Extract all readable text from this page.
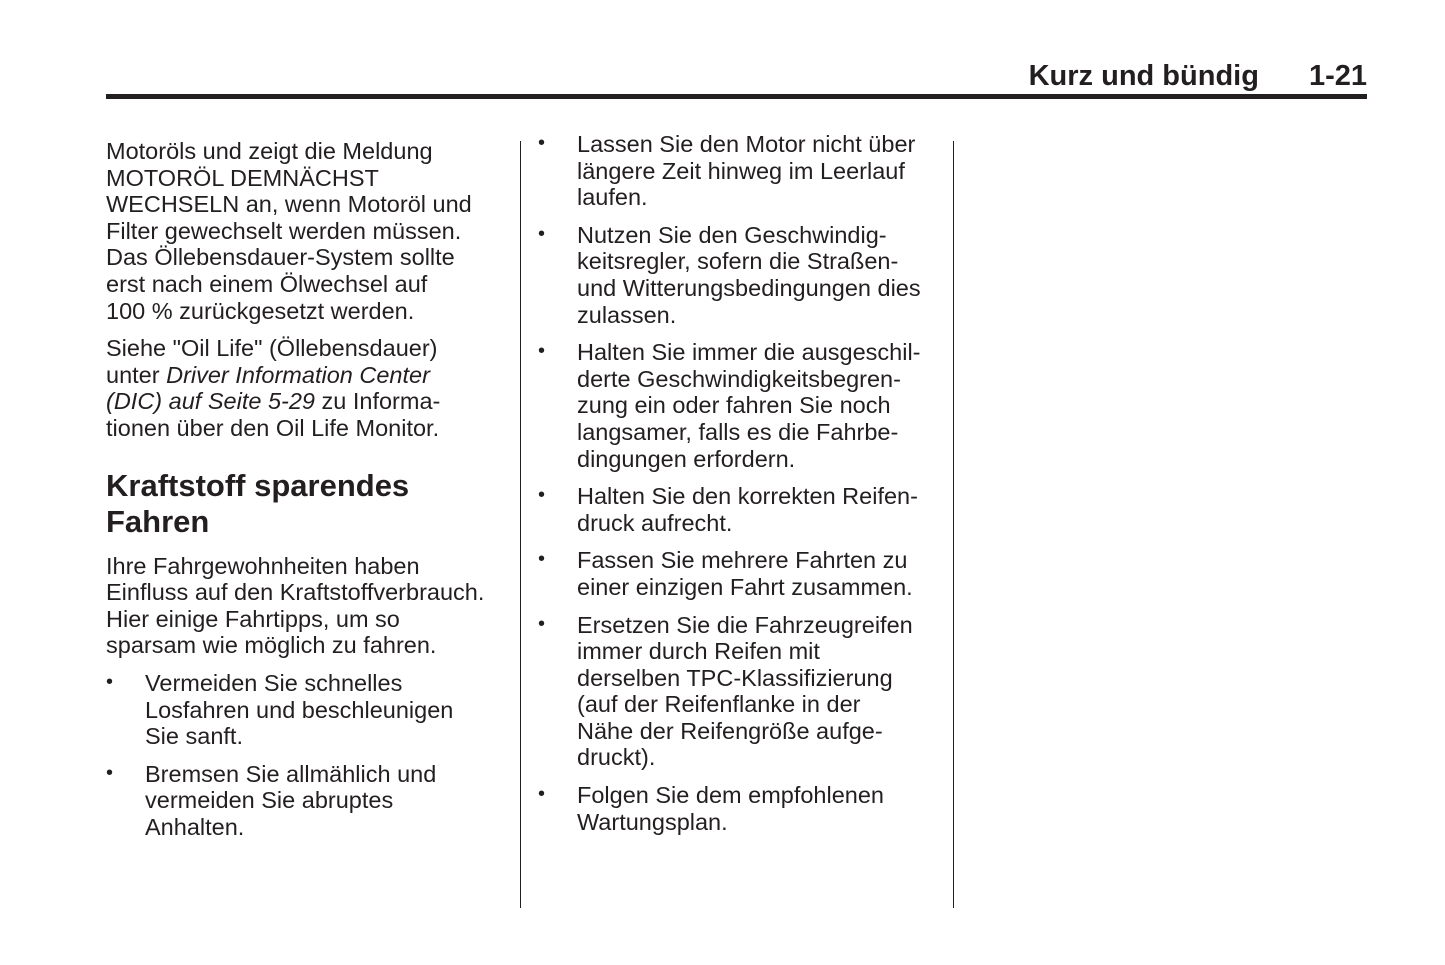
Kurz und bündig 1-21

Motoröls und zeigt die Meldung
MOTORÖL DEMNÄCHST
WECHSELN an, wenn Motoröl und
Filter gewechselt werden müssen.
Das Öllebensdauer-System sollte
erst nach einem Ölwechsel auf
100 % zurückgesetzt werden.

Siehe "Oil Life" (Öllebensdauer)
unter Driver Information Center
(DIC) auf Seite 5-29 zu Informa-
tionen über den Oil Life Monitor.

Kraftstoff sparendes
Fahren

Ihre Fahrgewohnheiten haben
Einfluss auf den Kraftstoffverbrauch.
Hier einige Fahrtipps, um so
sparsam wie möglich zu fahren.

• Vermeiden Sie schnelles
Losfahren und beschleunigen
Sie sanft.
• Bremsen Sie allmählich und
vermeiden Sie abruptes
Anhalten.
• Lassen Sie den Motor nicht über
längere Zeit hinweg im Leerlauf
laufen.
• Nutzen Sie den Geschwindig-
keitsregler, sofern die Straßen-
und Witterungsbedingungen dies
zulassen.
• Halten Sie immer die ausgeschil-
derte Geschwindigkeitsbegren-
zung ein oder fahren Sie noch
langsamer, falls es die Fahrbe-
dingungen erfordern.
• Halten Sie den korrekten Reifen-
druck aufrecht.
• Fassen Sie mehrere Fahrten zu
einer einzigen Fahrt zusammen.
• Ersetzen Sie die Fahrzeugreifen
immer durch Reifen mit
derselben TPC-Klassifizierung
(auf der Reifenflanke in der
Nähe der Reifengröße aufge-
druckt).
• Folgen Sie dem empfohlenen
Wartungsplan.
